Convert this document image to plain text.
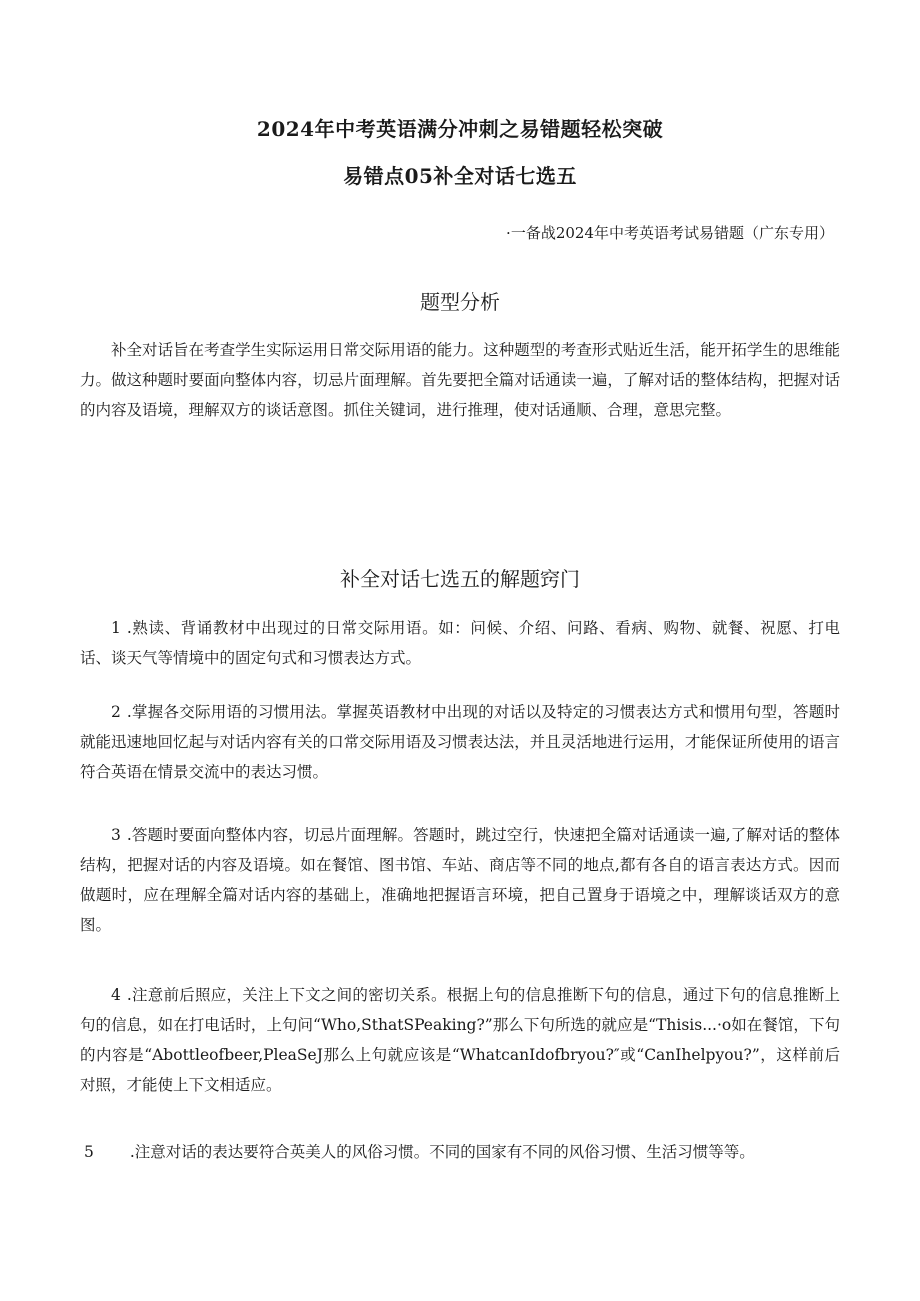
2024年中考英语满分冲刺之易错题轻松突破
易错点05补全对话七选五
·一备战2024年中考英语考试易错题（广东专用）
题型分析

补全对话旨在考查学生实际运用日常交际用语的能力。这种题型的考查形式贴近生活，能开拓学生的思维能力。做这种题时要面向整体内容，切忌片面理解。首先要把全篇对话通读一遍，了解对话的整体结构，把握对话的内容及语境，理解双方的谈话意图。抓住关键词，进行推理，使对话通顺、合理，意思完整。

补全对话七选五的解题窍门

1 .熟读、背诵教材中出现过的日常交际用语。如：问候、介绍、问路、看病、购物、就餐、祝愿、打电话、谈天气等情境中的固定句式和习惯表达方式。

2 .掌握各交际用语的习惯用法。掌握英语教材中出现的对话以及特定的习惯表达方式和惯用句型，答题时就能迅速地回忆起与对话内容有关的口常交际用语及习惯表达法，并且灵活地进行运用，才能保证所使用的语言符合英语在情景交流中的表达习惯。

3 .答题时要面向整体内容，切忌片面理解。答题时，跳过空行，快速把全篇对话通读一遍,了解对话的整体结构，把握对话的内容及语境。如在餐馆、图书馆、车站、商店等不同的地点,都有各自的语言表达方式。因而做题时，应在理解全篇对话内容的基础上，准确地把握语言环境，把自己置身于语境之中，理解谈话双方的意图。

4 .注意前后照应，关注上下文之间的密切关系。根据上句的信息推断下句的信息，通过下句的信息推断上句的信息，如在打电话时，上句问“Who,SthatSPeaking?”那么下句所选的就应是“Thisis...·o如在餐馆，下句的内容是“Abottleofbeer,PleaSeJ那么上句就应该是“WhatcanIdofbryou?″或“CanIhelpyou?”，这样前后对照，才能使上下文相适应。

5 .注意对话的表达要符合英美人的风俗习惯。不同的国家有不同的风俗习惯、生活习惯等等。
